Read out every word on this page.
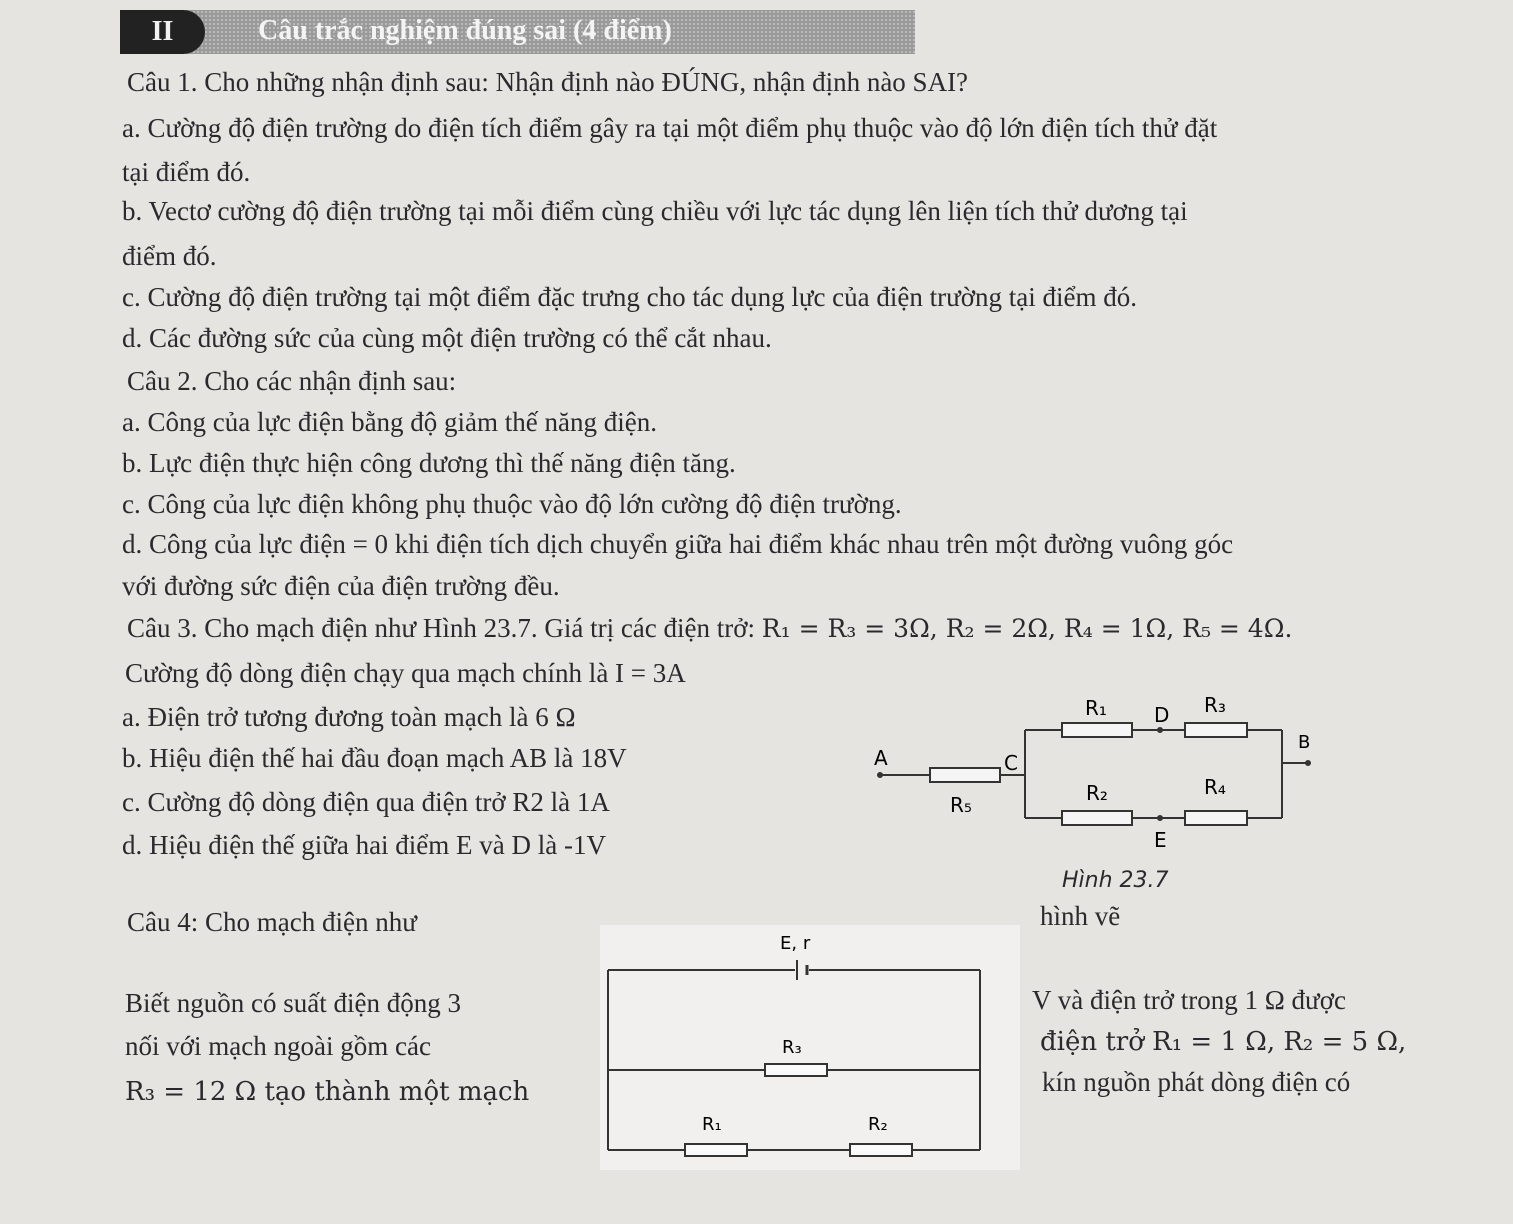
II	Câu trắc nghiệm đúng sai (4 điểm)
Câu 1. Cho những nhận định sau: Nhận định nào ĐÚNG, nhận định nào SAI?
a. Cường độ điện trường do điện tích điểm gây ra tại một điểm phụ thuộc vào độ lớn điện tích thử đặt
tại điểm đó.
b. Vectơ cường độ điện trường tại mỗi điểm cùng chiều với lực tác dụng lên liện tích thử dương tại
điểm đó.
c. Cường độ điện trường tại một điểm đặc trưng cho tác dụng lực của điện trường tại điểm đó.
d. Các đường sức của cùng một điện trường có thể cắt nhau.
Câu 2. Cho các nhận định sau:
a. Công của lực điện bằng độ giảm thế năng điện.
b. Lực điện thực hiện công dương thì thế năng điện tăng.
c. Công của lực điện không phụ thuộc vào độ lớn cường độ điện trường.
d. Công của lực điện = 0 khi điện tích dịch chuyển giữa hai điểm khác nhau trên một đường vuông góc
với đường sức điện của điện trường đều.
Câu 3. Cho mạch điện như Hình 23.7. Giá trị các điện trở: R₁ = R₃ = 3Ω, R₂ = 2Ω, R₄ = 1Ω, R₅ = 4Ω.
Cường độ dòng điện chạy qua mạch chính là I = 3A
a. Điện trở tương đương toàn mạch là 6 Ω
b. Hiệu điện thế hai đầu đoạn mạch AB là 18V
c. Cường độ dòng điện qua điện trở R2 là 1A
d. Hiệu điện thế giữa hai điểm E và D là -1V
R₁ D R₃
B
A	C
R₂	R₄
R₅
E
Hình 23.7
Câu 4: Cho mạch điện như	hình vẽ
E, r
R₃
R₁	R₂
Biết nguồn có suất điện động 3	V và điện trở trong 1 Ω được
nối với mạch ngoài gồm các	điện trở R₁ = 1 Ω, R₂ = 5 Ω,
R₃ = 12 Ω tạo thành một mạch	kín nguồn phát dòng điện có
